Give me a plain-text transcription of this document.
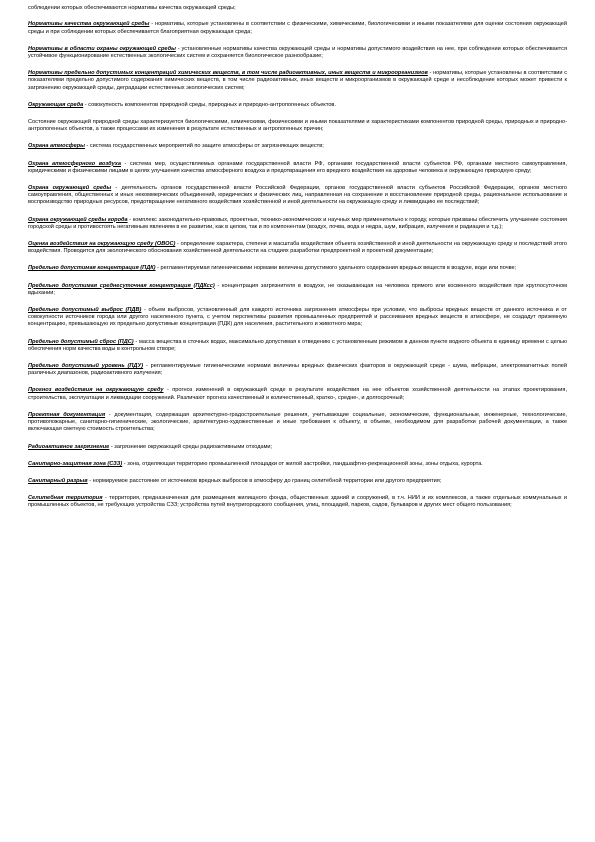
соблюдении которых обеспечиваются нормативы качества окружающей среды;

Нормативы качества окружающей среды - нормативы, которые установлены в соответствии с физическими, химическими, биологическими и иными показателями для оценки состояния окружающей среды и при соблюдении которых обеспечивается благоприятная окружающая среда;

Нормативы в области охраны окружающей среды - установленные нормативы качества окружающей среды и нормативы допустимого воздействия на нее, при соблюдении которых обеспечивается устойчивое функционирование естественных экологических систем и сохраняется биологическое разнообразие;

Нормативы предельно допустимых концентраций химических веществ, в том числе радиоактивных, иных веществ и микроорганизмов - нормативы, которые установлены в соответствии с показателями предельно допустимого содержания химических веществ, в том числе радиоактивных, иных веществ и микроорганизмов в окружающей среде и несоблюдение которых может привести к загрязнению окружающей среды, деградации естественных экологических систем;

Окружающая среда - совокупность компонентов природной среды, природных и природно-антропогенных объектов.

Состояние окружающей природной среды характеризуется биологическими, химическими, физическими и иными показателями и характеристиками компонентов природной среды, природных и природно-антропогенных объектов, а также процессами их изменения в результате естественных и антропогенных причин;

Охрана атмосферы - система государственных мероприятий по защите атмосферы от загрязняющих веществ;

Охрана атмосферного воздуха - система мер, осуществляемых органами государственной власти РФ, органами государственной власти субъектов РФ, органами местного самоуправления, юридическими и физическими лицами в целях улучшения качества атмосферного воздуха и предотвращения его вредного воздействия на здоровье человека и окружающую природную среду;

Охрана окружающей среды - деятельность органов государственной власти Российской Федерации, органов государственной власти субъектов Российской Федерации, органов местного самоуправления, общественных и иных некоммерческих объединений, юридических и физических лиц, направленная на сохранение и восстановление природной среды, рациональное использование и воспроизводство природных ресурсов, предотвращение негативного воздействия хозяйственной и иной деятельности на окружающую среду и ликвидацию ее последствий;

Охрана окружающей среды города - комплекс законодательно-правовых, проектных, технико-экономических и научных мер применительно к городу, которые призваны обеспечить улучшение состояния городской среды и противостоять негативным явлениям в ее развитии, как в целом, так и по компонентам (воздух, почва, вода и недра, шум, вибрация, излучения и радиация и т.д.);

Оценка воздействия на окружающую среду (ОВОС) - определение характера, степени и масштаба воздействия объекта хозяйственной и иной деятельности на окружающую среду и последствий этого воздействия. Проводится для экологического обоснования хозяйственной деятельности на стадиях разработки предпроектной и проектной документации;

Предельно допустимая концентрация (ПДК) - регламентируемая гигиеническими нормами величина допустимого удельного содержания вредных веществ в воздухе, воде или почве;

Предельно допустимая среднесуточная концентрация (ПДКсс) - концентрация загрязнителя в воздухе, не оказывающая на человека прямого или косвенного воздействия при круглосуточном вдыхании;

Предельно допустимый выброс (ПДВ) - объем выбросов, установленный для каждого источника загрязнения атмосферы при условии, что выбросы вредных веществ от данного источника и от совокупности источников города или другого населенного пункта, с учетом перспективы развития промышленных предприятий и рассеивания вредных веществ в атмосфере, не создадут приземную концентрацию, превышающую их предельно допустимые концентрации (ПДК) для населения, растительного и животного мира;

Предельно допустимый сброс (ПДС) - масса вещества в сточных водах, максимально допустимая к отведению с установленным режимом в данном пункте водного объекта в единицу времени с целью обеспечения норм качества воды в контрольном створе;

Предельно допустимый уровень (ПДУ) - регламентируемые гигиеническими нормами величины вредных физических факторов в окружающей среде - шума, вибрации, электромагнитных полей различных диапазонов, радиоактивного излучения;

Прогноз воздействия на окружающую среду - прогноз изменений в окружающей среде в результате воздействия на нее объектов хозяйственной деятельности на этапах проектирования, строительства, эксплуатации и ликвидации сооружений. Различают прогноз качественный и количественный, кратко-, средне-, и долгосрочный;

Проектная документация - документация, содержащая архитектурно-градостроительные решения, учитывающие социальные, экономические, функциональные, инженерные, технологические, противопожарные, санитарно-гигиенические, экологические, архитектурно-художественные и иные требования к объекту, в объеме, необходимом для разработки рабочей документации, а также включающая сметную стоимость строительства;

Радиоактивное загрязнение - загрязнение окружающей среды радиоактивными отходами;

Санитарно-защитная зона (СЗЗ) - зона, отделяющая территорию промышленной площадки от жилой застройки, ландшафтно-рекреационной зоны, зоны отдыха, курорта.

Санитарный разрыв - нормируемое расстояние от источников вредных выбросов в атмосферу до границ селитебной территории или другого предприятия;

Селитебная территория - территория, предназначенная для размещения жилищного фонда, общественных зданий и сооружений, в т.ч. НИИ и их комплексов, а также отдельных коммунальных и промышленных объектов, не требующих устройства СЗЗ; устройства путей внутригородского сообщения, улиц, площадей, парков, садов, бульваров и других мест общего пользования;
